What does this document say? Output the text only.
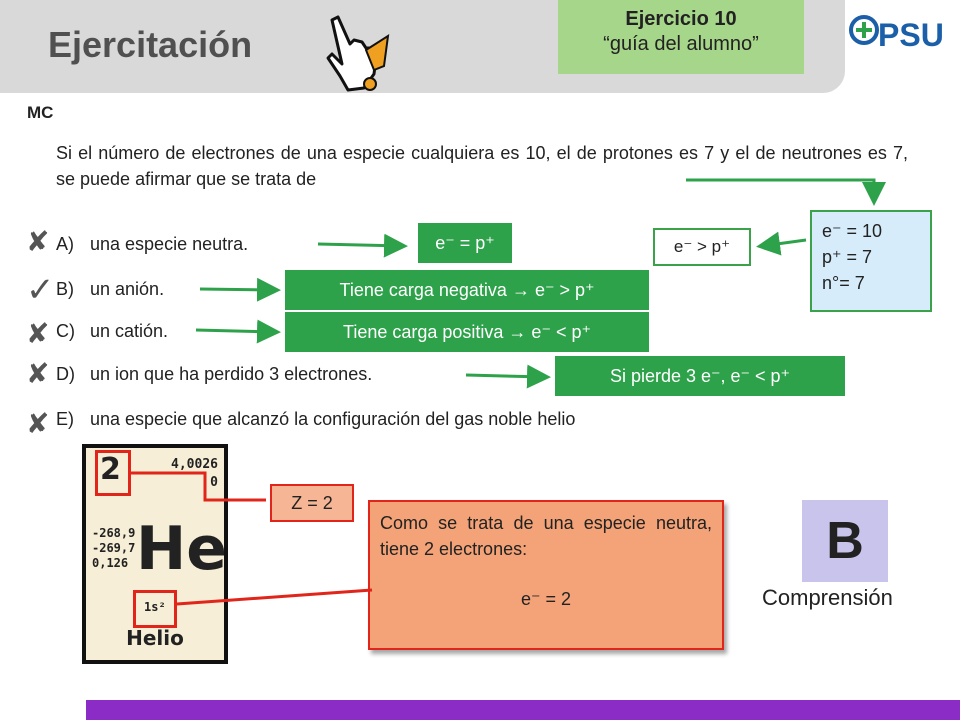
Ejercitación
Ejercicio 10
“guía del alumno”	PSU
MC
Si el número de electrones de una especie cualquiera es 10, el de protones es 7 y el de neutrones es 7, se puede afirmar que se trata de
✘
✓
✘
✘
✘
A) una especie neutra.
B) un anión.
C) un catión.
D) un ion que ha perdido 3 electrones.
E) una especie que alcanzó la configuración del gas noble helio
e⁻ = p⁺	e⁻ > p⁺
Tiene carga negativa → e⁻ > p⁺
Tiene carga positiva → e⁻ < p⁺
Si pierde 3 e⁻, e⁻ < p⁺
e⁻ = 10
p⁺ = 7
n°= 7
2	4,0026
0
-268,9
-269,7
0,126 He
1s²
Helio
Z = 2
Como se trata de una especie neutra, tiene 2 electrones:
e⁻ = 2
B
Comprensión
